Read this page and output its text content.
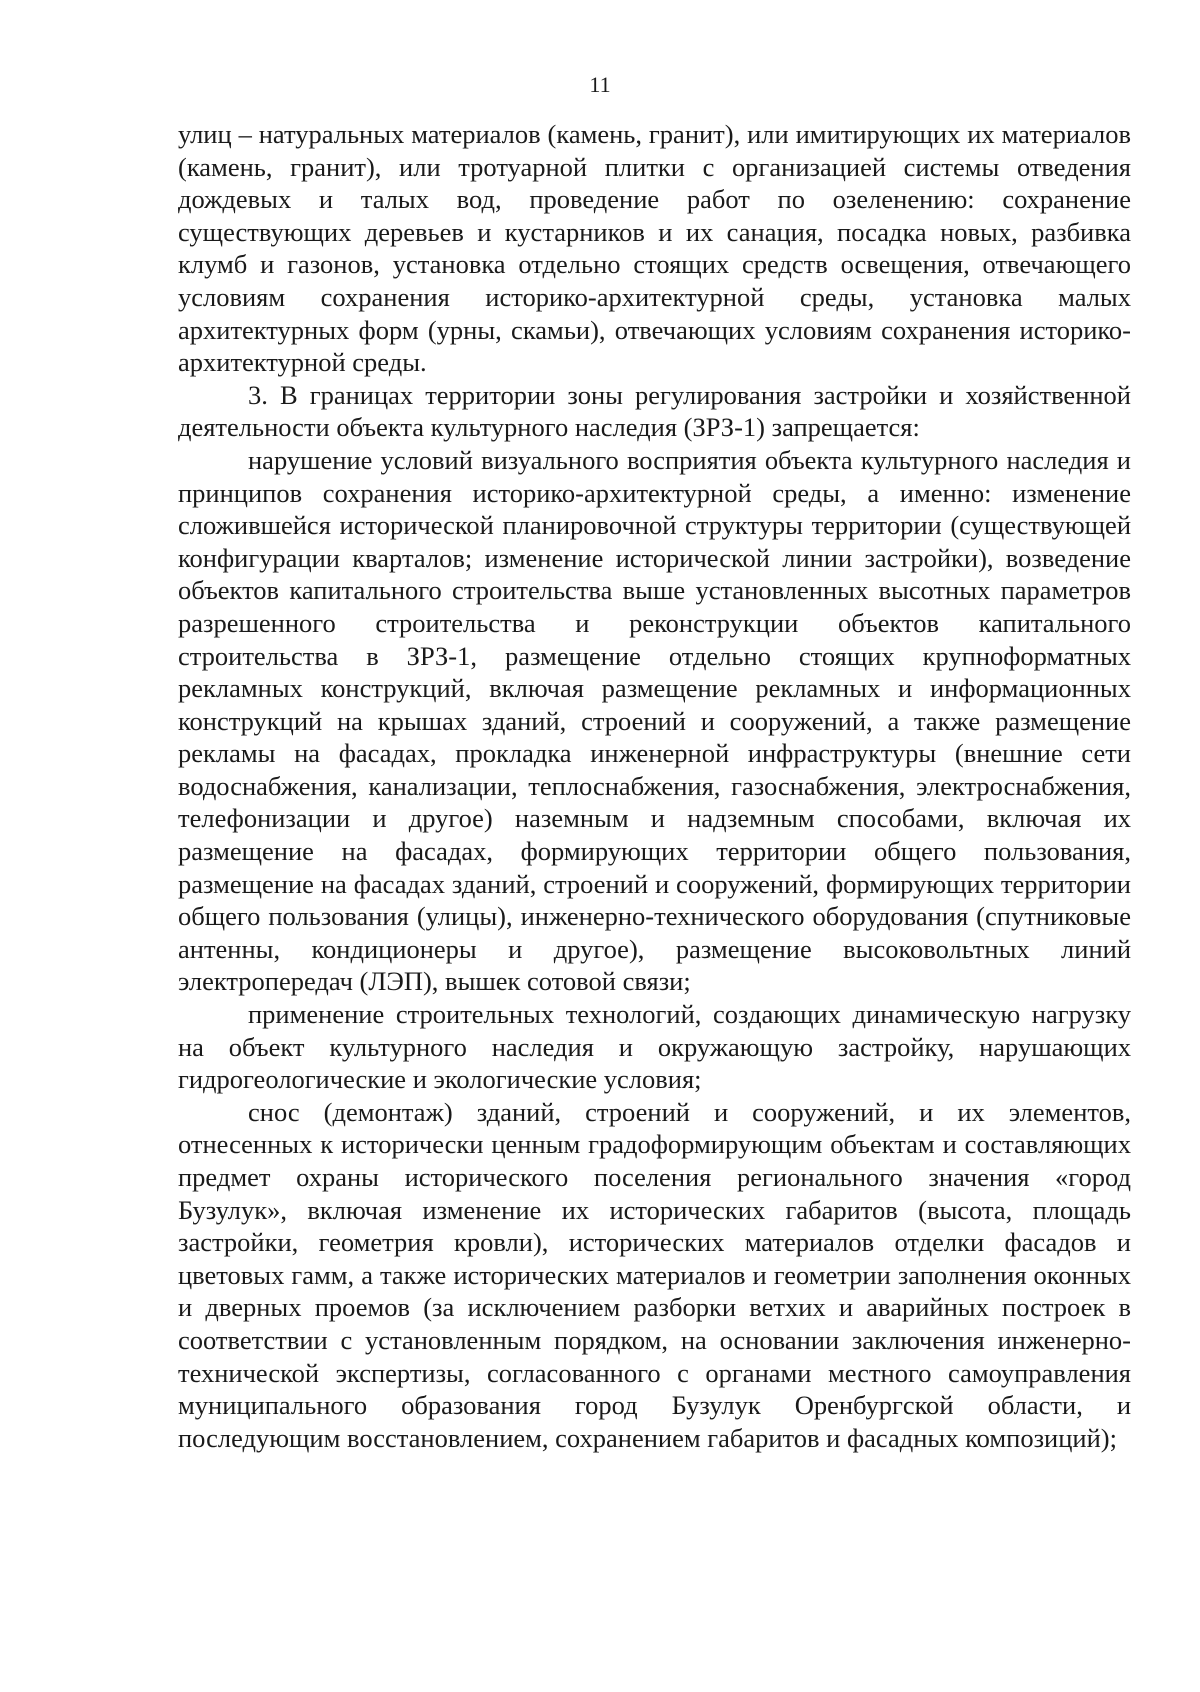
11

улиц – натуральных материалов (камень, гранит), или имитирующих их материалов (камень, гранит), или тротуарной плитки с организацией системы отведения дождевых и талых вод, проведение работ по озеленению: сохранение существующих деревьев и кустарников и их санация, посадка новых, разбивка клумб и газонов, установка отдельно стоящих средств освещения, отвечающего условиям сохранения историко-архитектурной среды, установка малых архитектурных форм (урны, скамьи), отвечающих условиям сохранения историко-архитектурной среды.

3. В границах территории зоны регулирования застройки и хозяйственной деятельности объекта культурного наследия (ЗРЗ-1) запрещается:

нарушение условий визуального восприятия объекта культурного наследия и принципов сохранения историко-архитектурной среды, а именно: изменение сложившейся исторической планировочной структуры территории (существующей конфигурации кварталов; изменение исторической линии застройки), возведение объектов капитального строительства выше установленных высотных параметров разрешенного строительства и реконструкции объектов капитального строительства в ЗРЗ-1, размещение отдельно стоящих крупноформатных рекламных конструкций, включая размещение рекламных и информационных конструкций на крышах зданий, строений и сооружений, а также размещение рекламы на фасадах, прокладка инженерной инфраструктуры (внешние сети водоснабжения, канализации, теплоснабжения, газоснабжения, электроснабжения, телефонизации и другое) наземным и надземным способами, включая их размещение на фасадах, формирующих территории общего пользования, размещение на фасадах зданий, строений и сооружений, формирующих территории общего пользования (улицы), инженерно-технического оборудования (спутниковые антенны, кондиционеры и другое), размещение высоковольтных линий электропередач (ЛЭП), вышек сотовой связи;

применение строительных технологий, создающих динамическую нагрузку на объект культурного наследия и окружающую застройку, нарушающих гидрогеологические и экологические условия;

снос (демонтаж) зданий, строений и сооружений, и их элементов, отнесенных к исторически ценным градоформирующим объектам и составляющих предмет охраны исторического поселения регионального значения «город Бузулук», включая изменение их исторических габаритов (высота, площадь застройки, геометрия кровли), исторических материалов отделки фасадов и цветовых гамм, а также исторических материалов и геометрии заполнения оконных и дверных проемов (за исключением разборки ветхих и аварийных построек в соответствии с установленным порядком, на основании заключения инженерно-технической экспертизы, согласованного с органами местного самоуправления муниципального образования город Бузулук Оренбургской области, и последующим восстановлением, сохранением габаритов и фасадных композиций);
